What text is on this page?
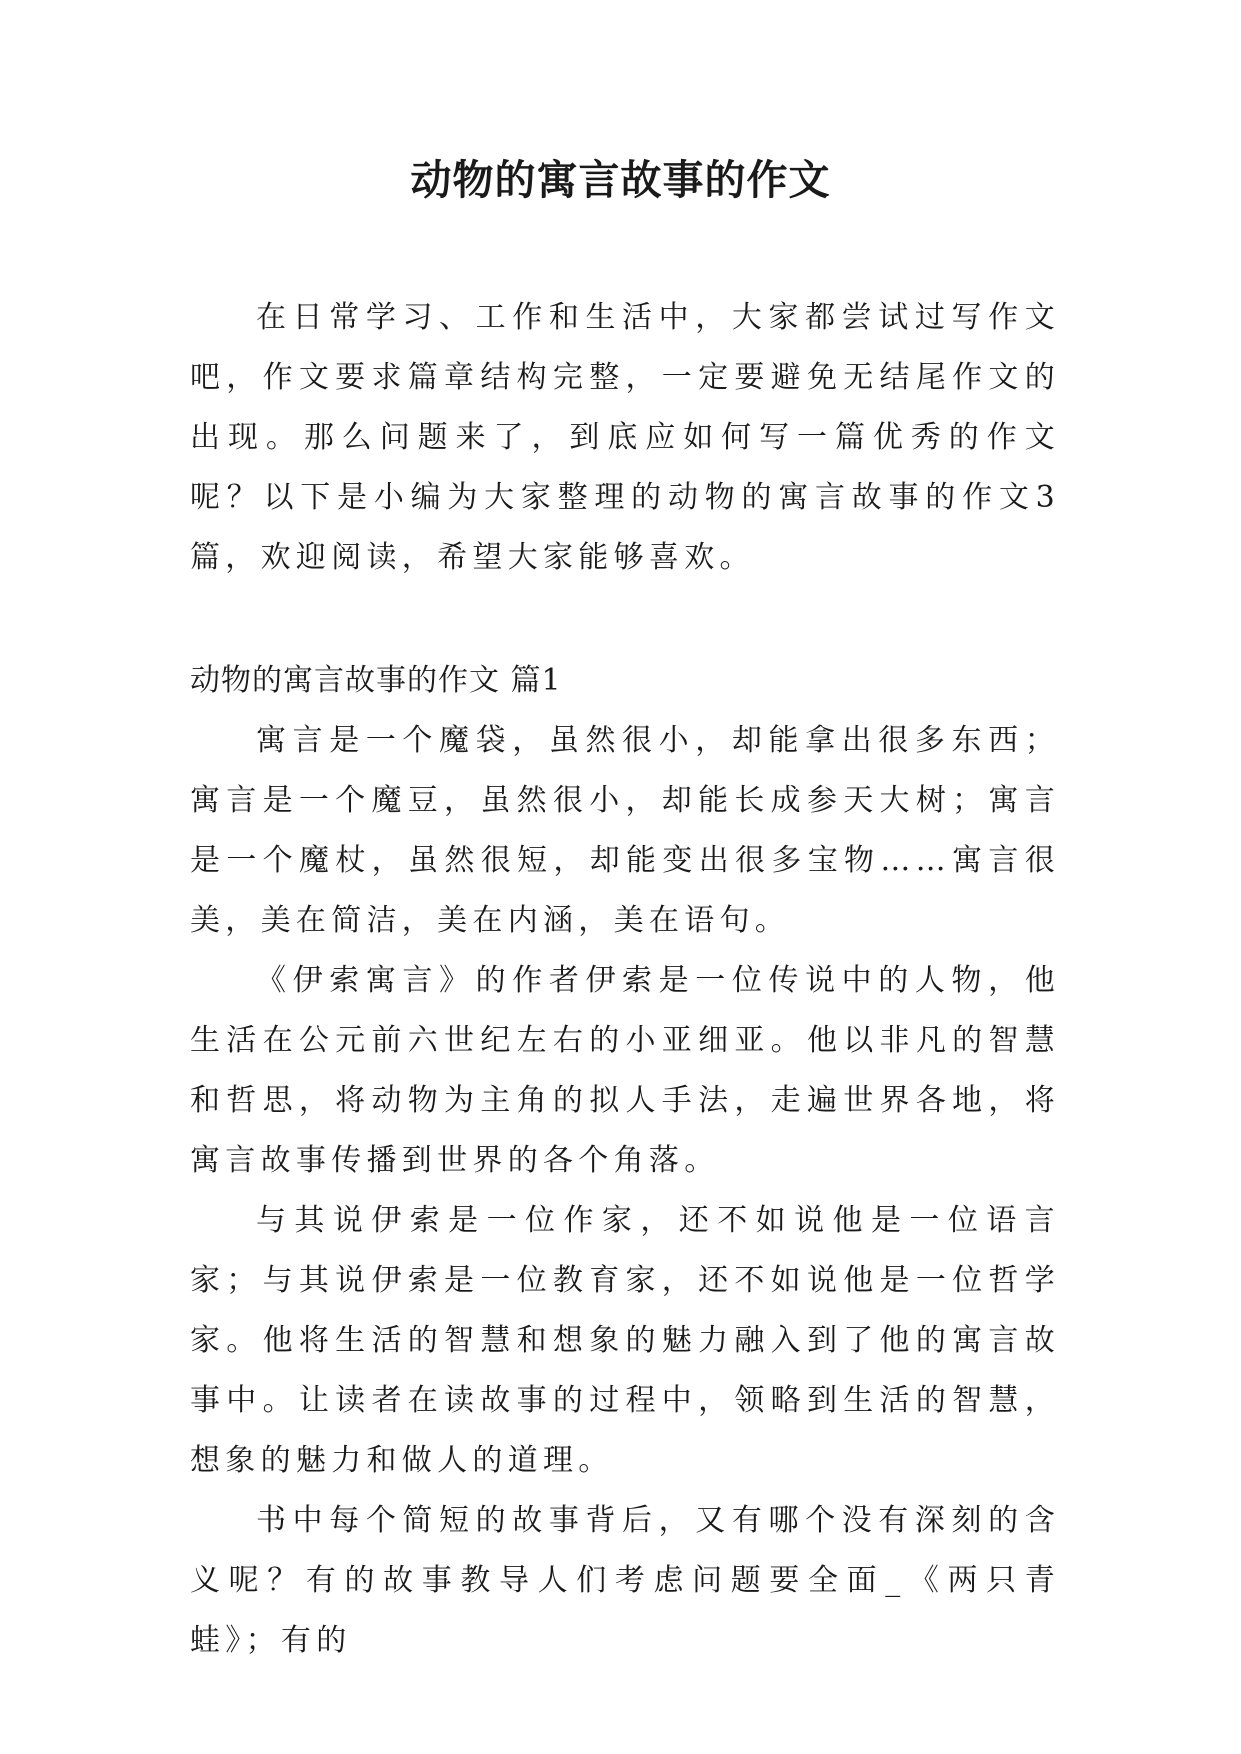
动物的寓言故事的作文

在日常学习、工作和生活中，大家都尝试过写作文吧，作文要求篇章结构完整，一定要避免无结尾作文的出现。那么问题来了，到底应如何写一篇优秀的作文呢？以下是小编为大家整理的动物的寓言故事的作文3篇，欢迎阅读，希望大家能够喜欢。

动物的寓言故事的作文 篇1

寓言是一个魔袋，虽然很小，却能拿出很多东西；寓言是一个魔豆，虽然很小，却能长成参天大树；寓言是一个魔杖，虽然很短，却能变出很多宝物……寓言很美，美在简洁，美在内涵，美在语句。

《伊索寓言》的作者伊索是一位传说中的人物，他生活在公元前六世纪左右的小亚细亚。他以非凡的智慧和哲思，将动物为主角的拟人手法，走遍世界各地，将寓言故事传播到世界的各个角落。

与其说伊索是一位作家，还不如说他是一位语言家；与其说伊索是一位教育家，还不如说他是一位哲学家。他将生活的智慧和想象的魅力融入到了他的寓言故事中。让读者在读故事的过程中，领略到生活的智慧，想象的魅力和做人的道理。

书中每个简短的故事背后，又有哪个没有深刻的含义呢？有的故事教导人们考虑问题要全面_《两只青蛙》；有的
